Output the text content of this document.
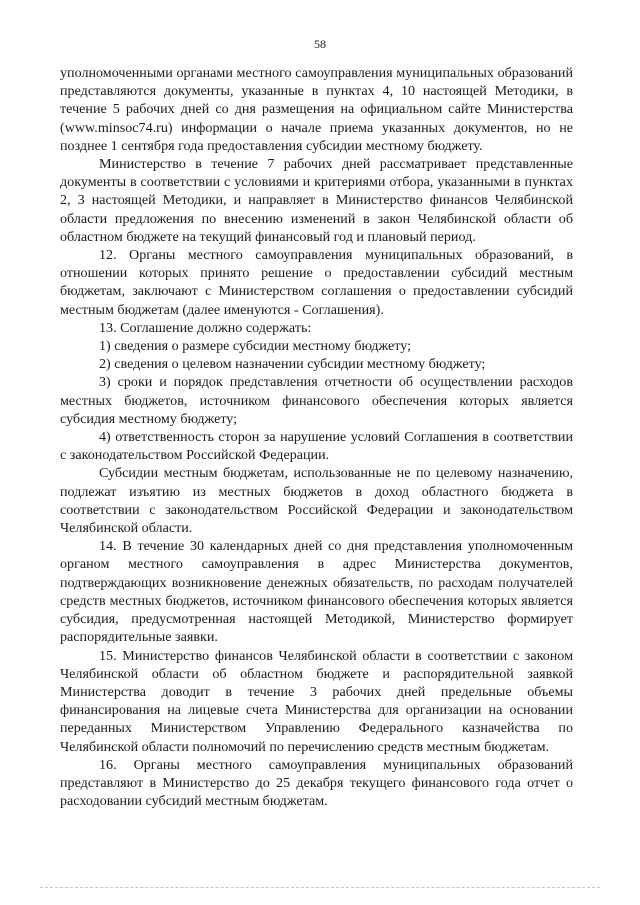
58

уполномоченными органами местного самоуправления муниципальных образований представляются документы, указанные в пунктах 4, 10 настоящей Методики, в течение 5 рабочих дней со дня размещения на официальном сайте Министерства (www.minsoc74.ru) информации о начале приема указанных документов, но не позднее 1 сентября года предоставления субсидии местному бюджету.

Министерство в течение 7 рабочих дней рассматривает представленные документы в соответствии с условиями и критериями отбора, указанными в пунктах 2, 3 настоящей Методики, и направляет в Министерство финансов Челябинской области предложения по внесению изменений в закон Челябинской области об областном бюджете на текущий финансовый год и плановый период.

12. Органы местного самоуправления муниципальных образований, в отношении которых принято решение о предоставлении субсидий местным бюджетам, заключают с Министерством соглашения о предоставлении субсидий местным бюджетам (далее именуются - Соглашения).

13. Соглашение должно содержать:

1) сведения о размере субсидии местному бюджету;

2) сведения о целевом назначении субсидии местному бюджету;

3) сроки и порядок представления отчетности об осуществлении расходов местных бюджетов, источником финансового обеспечения которых является субсидия местному бюджету;

4) ответственность сторон за нарушение условий Соглашения в соответствии с законодательством Российской Федерации.

Субсидии местным бюджетам, использованные не по целевому назначению, подлежат изъятию из местных бюджетов в доход областного бюджета в соответствии с законодательством Российской Федерации и законодательством Челябинской области.

14. В течение 30 календарных дней со дня представления уполномоченным органом местного самоуправления в адрес Министерства документов, подтверждающих возникновение денежных обязательств, по расходам получателей средств местных бюджетов, источником финансового обеспечения которых является субсидия, предусмотренная настоящей Методикой, Министерство формирует распорядительные заявки.

15. Министерство финансов Челябинской области в соответствии с законом Челябинской области об областном бюджете и распорядительной заявкой Министерства доводит в течение 3 рабочих дней предельные объемы финансирования на лицевые счета Министерства для организации на основании переданных Министерством Управлению Федерального казначейства по Челябинской области полномочий по перечислению средств местным бюджетам.

16. Органы местного самоуправления муниципальных образований представляют в Министерство до 25 декабря текущего финансового года отчет о расходовании субсидий местным бюджетам.
